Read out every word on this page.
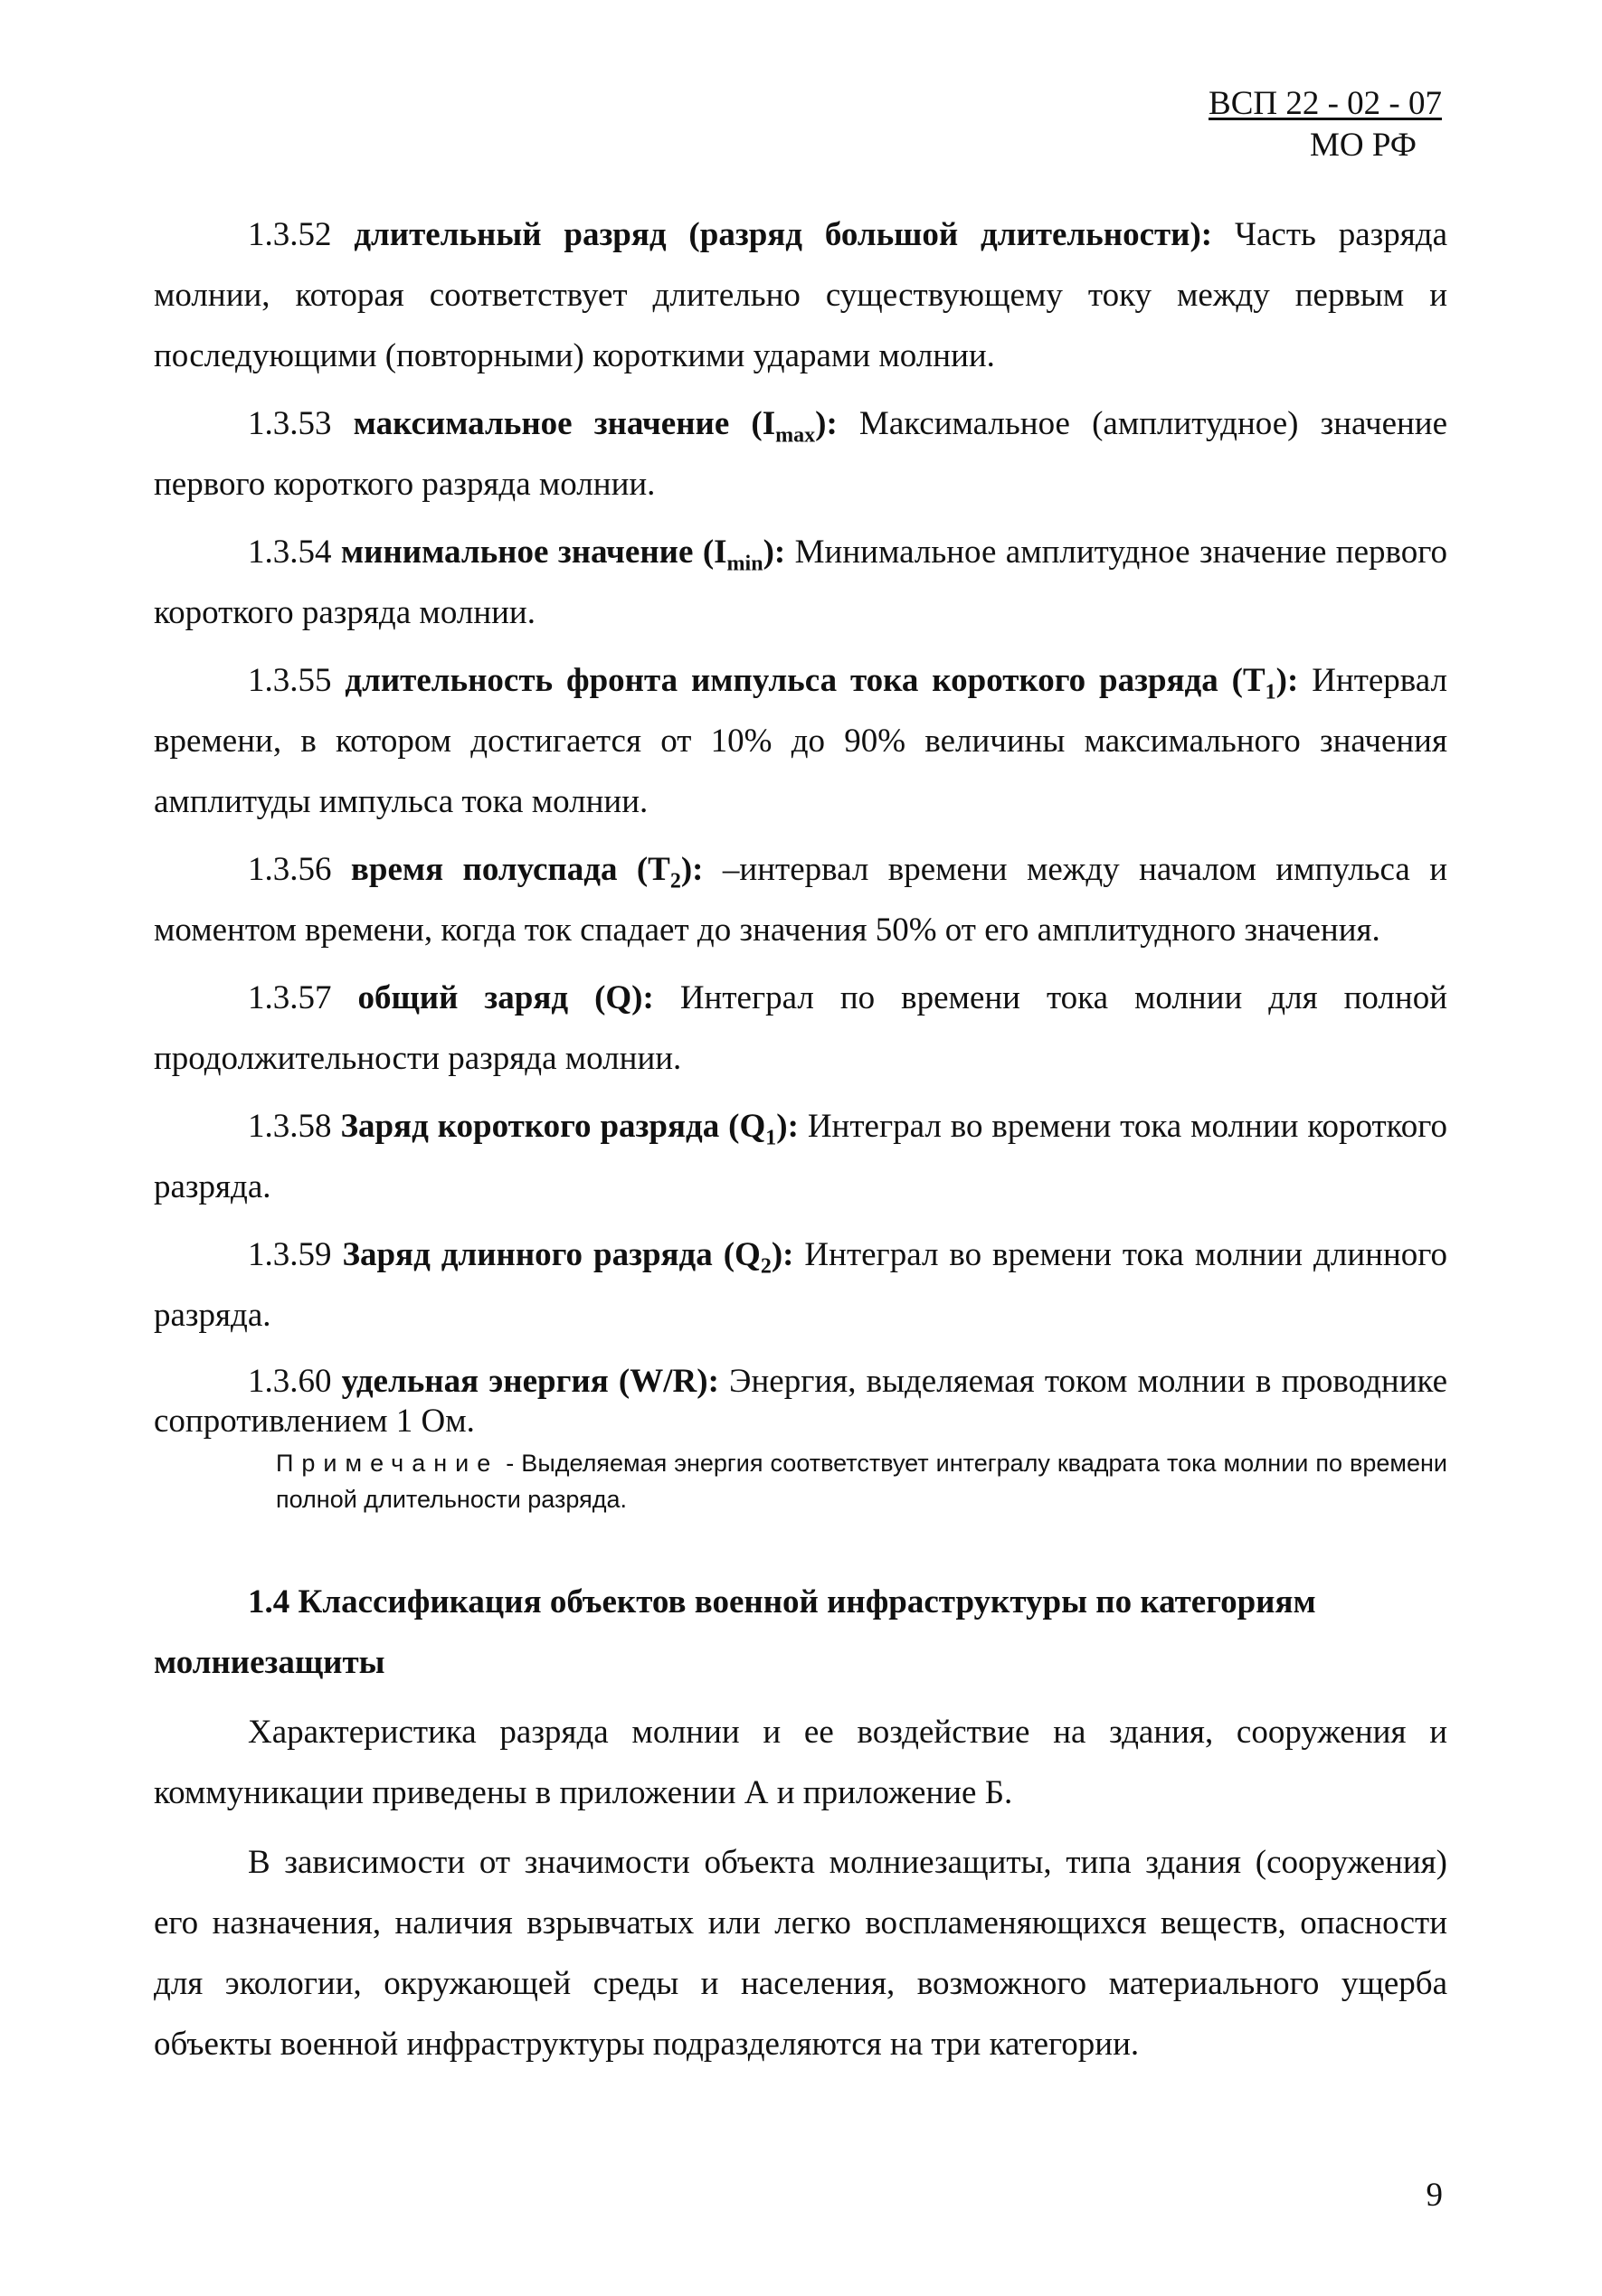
ВСП 22 - 02 - 07
МО РФ

1.3.52 длительный разряд (разряд большой длительности): Часть разряда молнии, которая соответствует длительно существующему току между первым и последующими (повторными) короткими ударами молнии.

1.3.53 максимальное значение $(I_{max})$: Максимальное (амплитудное) значение первого короткого разряда молнии.

1.3.54 минимальное значение $(I_{min})$: Минимальное амплитудное значение первого короткого разряда молнии.

1.3.55 длительность фронта импульса тока короткого разряда $(T_1)$: Интервал времени, в котором достигается от 10% до 90% величины максимального значения амплитуды импульса тока молнии.

1.3.56 время полуспада $(T_2)$: –интервал времени между началом импульса и моментом времени, когда ток спадает до значения 50% от его амплитудного значения.

1.3.57 общий заряд (Q): Интеграл по времени тока молнии для полной продолжительности разряда молнии.

1.3.58 Заряд короткого разряда $(Q_1)$: Интеграл во времени тока молнии короткого разряда.

1.3.59 Заряд длинного разряда $(Q_2)$: Интеграл во времени тока молнии длинного разряда.

1.3.60 удельная энергия (W/R): Энергия, выделяемая током молнии в проводнике сопротивлением 1 Ом.

Примечание - Выделяемая энергия соответствует интегралу квадрата тока молнии по времени полной длительности разряда.

1.4 Классификация объектов военной инфраструктуры по категориям молниезащиты

Характеристика разряда молнии и ее воздействие на здания, сооружения и коммуникации приведены в приложении А и приложение Б.

В зависимости от значимости объекта молниезащиты, типа здания (сооружения) его назначения, наличия взрывчатых или легко воспламеняющихся веществ, опасности для экологии, окружающей среды и населения, возможного материального ущерба объекты военной инфраструктуры подразделяются на три категории.

9
